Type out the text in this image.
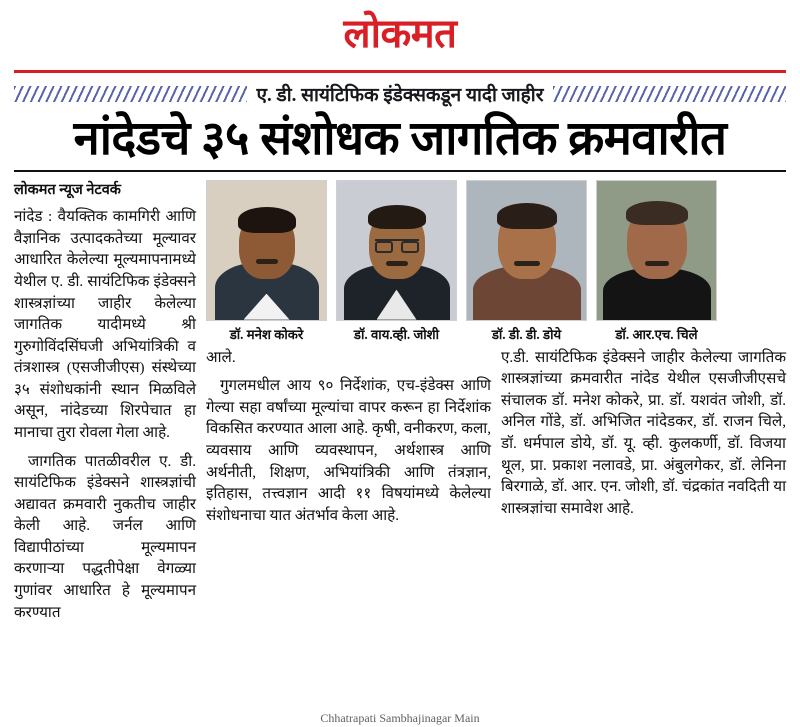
लोकमत
ए. डी. सायंटिफिक इंडेक्सकडून यादी जाहीर
नांदेडचे ३५ संशोधक जागतिक क्रमवारीत
लोकमत न्यूज नेटवर्क

नांदेड : वैयक्तिक कामगिरी आणि वैज्ञानिक उत्पादकतेच्या मूल्यावर आधारित केलेल्या मूल्यमापनामध्ये येथील ए. डी. सायंटिफिक इंडेक्सने शास्त्रज्ञांच्या जाहीर केलेल्या जागतिक यादीमध्ये श्री गुरुगोविंदसिंघजी अभियांत्रिकी व तंत्रशास्त्र (एसजीजीएस) संस्थेच्या ३५ संशोधकांनी स्थान मिळविले असून, नांदेडच्या शिरपेचात हा मानाचा तुरा रोवला गेला आहे.

जागतिक पातळीवरील ए. डी. सायंटिफिक इंडेक्सने शास्त्रज्ञांची अद्यावत क्रमवारी नुकतीच जाहीर केली आहे. जर्नल आणि विद्यापीठांच्या मूल्यमापन करणाऱ्या पद्धतीपेक्षा वेगळ्या गुणांवर आधारित हे मूल्यमापन करण्यात

डॉ. मनेश कोकरे	डॉ. वाय.व्ही. जोशी	डॉ. डी. डी. डोये	डॉ. आर.एच. चिले

आले.

गुगलमधील आय ९० निर्देशांक, एच-इंडेक्स आणि गेल्या सहा वर्षांच्या मूल्यांचा वापर करून हा निर्देशांक विकसित करण्यात आला आहे. कृषी, वनीकरण, कला, व्यवसाय आणि व्यवस्थापन, अर्थशास्त्र आणि अर्थनीती, शिक्षण, अभियांत्रिकी आणि तंत्रज्ञान, इतिहास, तत्त्वज्ञान आदी ११ विषयांमध्ये केलेल्या संशोधनाचा यात अंतर्भाव केला आहे.

ए.डी. सायंटिफिक इंडेक्सने जाहीर केलेल्या जागतिक शास्त्रज्ञांच्या क्रमवारीत नांदेड येथील एसजीजीएसचे संचालक डॉ. मनेश कोकरे, प्रा. डॉ. यशवंत जोशी, डॉ. अनिल गोंडे, डॉ. अभिजित नांदेडकर, डॉ. राजन चिले, डॉ. धर्मपाल डोये, डॉ. यू. व्ही. कुलकर्णी, डॉ. विजया थूल, प्रा. प्रकाश नलावडे, प्रा. अंबुलगेकर, डॉ. लेनिना बिरगाळे, डॉ. आर. एन. जोशी, डॉ. चंद्रकांत नवदिती या शास्त्रज्ञांचा समावेश आहे.

Chhatrapati Sambhajinagar Main
